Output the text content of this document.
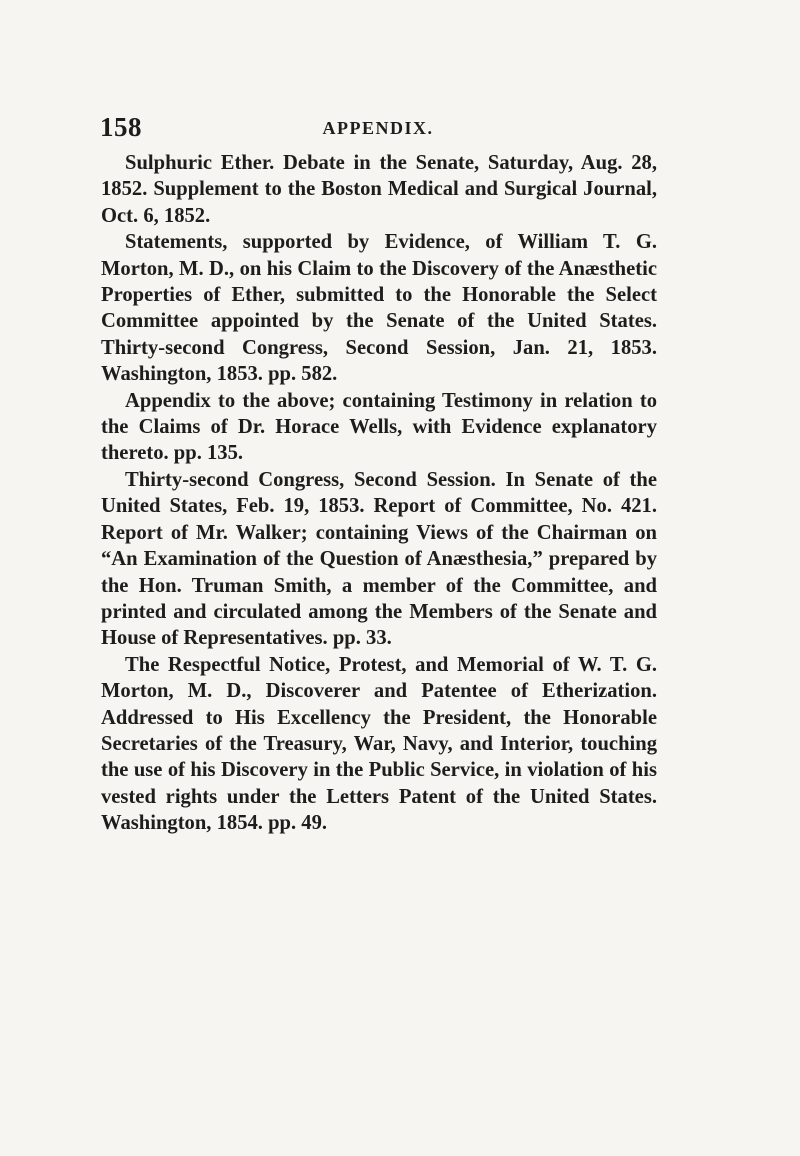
158	APPENDIX.

Sulphuric Ether. Debate in the Senate, Saturday, Aug. 28, 1852. Supplement to the Boston Medical and Surgical Journal, Oct. 6, 1852.

Statements, supported by Evidence, of William T. G. Morton, M. D., on his Claim to the Discovery of the Anæsthetic Properties of Ether, submitted to the Honorable the Select Committee appointed by the Senate of the United States. Thirty-second Congress, Second Session, Jan. 21, 1853. Washington, 1853. pp. 582.

Appendix to the above; containing Testimony in relation to the Claims of Dr. Horace Wells, with Evidence explanatory thereto. pp. 135.

Thirty-second Congress, Second Session. In Senate of the United States, Feb. 19, 1853. Report of Committee, No. 421. Report of Mr. Walker; containing Views of the Chairman on “An Examination of the Question of Anæsthesia,” prepared by the Hon. Truman Smith, a member of the Committee, and printed and circulated among the Members of the Senate and House of Representatives. pp. 33.

The Respectful Notice, Protest, and Memorial of W. T. G. Morton, M. D., Discoverer and Patentee of Etherization. Addressed to His Excellency the President, the Honorable Secretaries of the Treasury, War, Navy, and Interior, touching the use of his Discovery in the Public Service, in violation of his vested rights under the Letters Patent of the United States. Washington, 1854. pp. 49.
